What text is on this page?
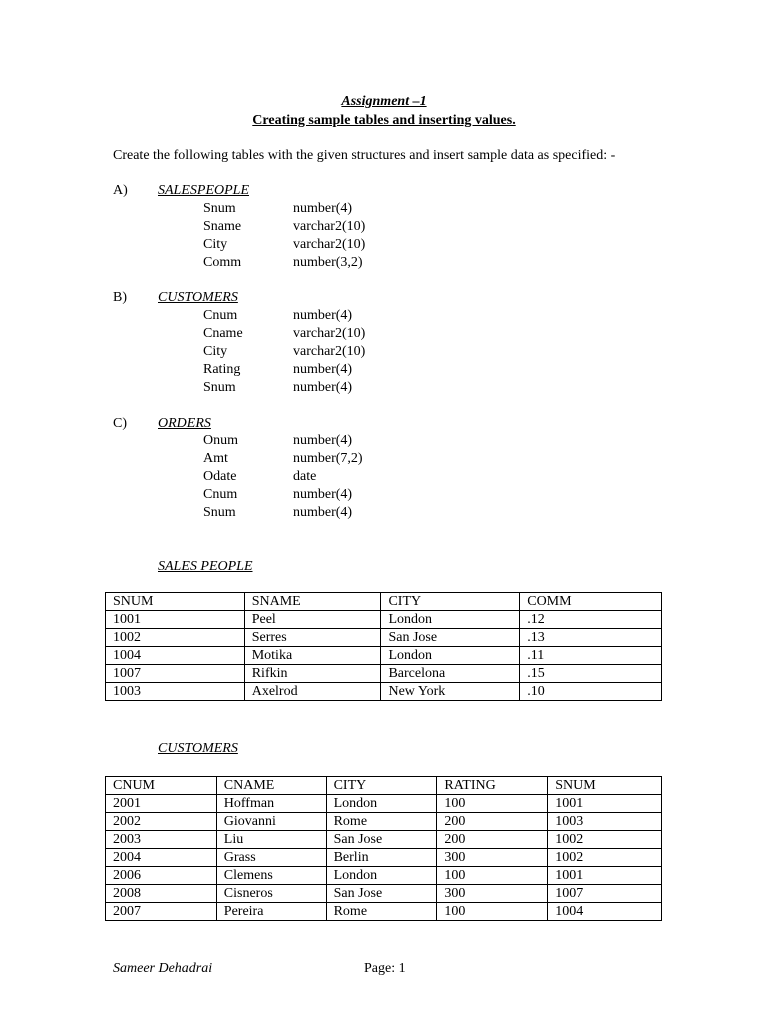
Assignment –1
Creating sample tables and inserting values.
Create the following tables with the given structures and insert sample data as specified: -
A) SALESPEOPLE
Snum	number(4)
Sname	varchar2(10)
City	varchar2(10)
Comm	number(3,2)
B) CUSTOMERS
Cnum	number(4)
Cname	varchar2(10)
City	varchar2(10)
Rating	number(4)
Snum	number(4)
C) ORDERS
Onum	number(4)
Amt	number(7,2)
Odate	date
Cnum	number(4)
Snum	number(4)
SALES PEOPLE
SNUM	SNAME	CITY	COMM
1001	Peel	London	.12
1002	Serres	San Jose	.13
1004	Motika	London	.11
1007	Rifkin	Barcelona	.15
1003	Axelrod	New York	.10
CUSTOMERS
CNUM	CNAME	CITY	RATING	SNUM
2001	Hoffman	London	100	1001
2002	Giovanni	Rome	200	1003
2003	Liu	San Jose	200	1002
2004	Grass	Berlin	300	1002
2006	Clemens	London	100	1001
2008	Cisneros	San Jose	300	1007
2007	Pereira	Rome	100	1004
Sameer Dehadrai	Page: 1
